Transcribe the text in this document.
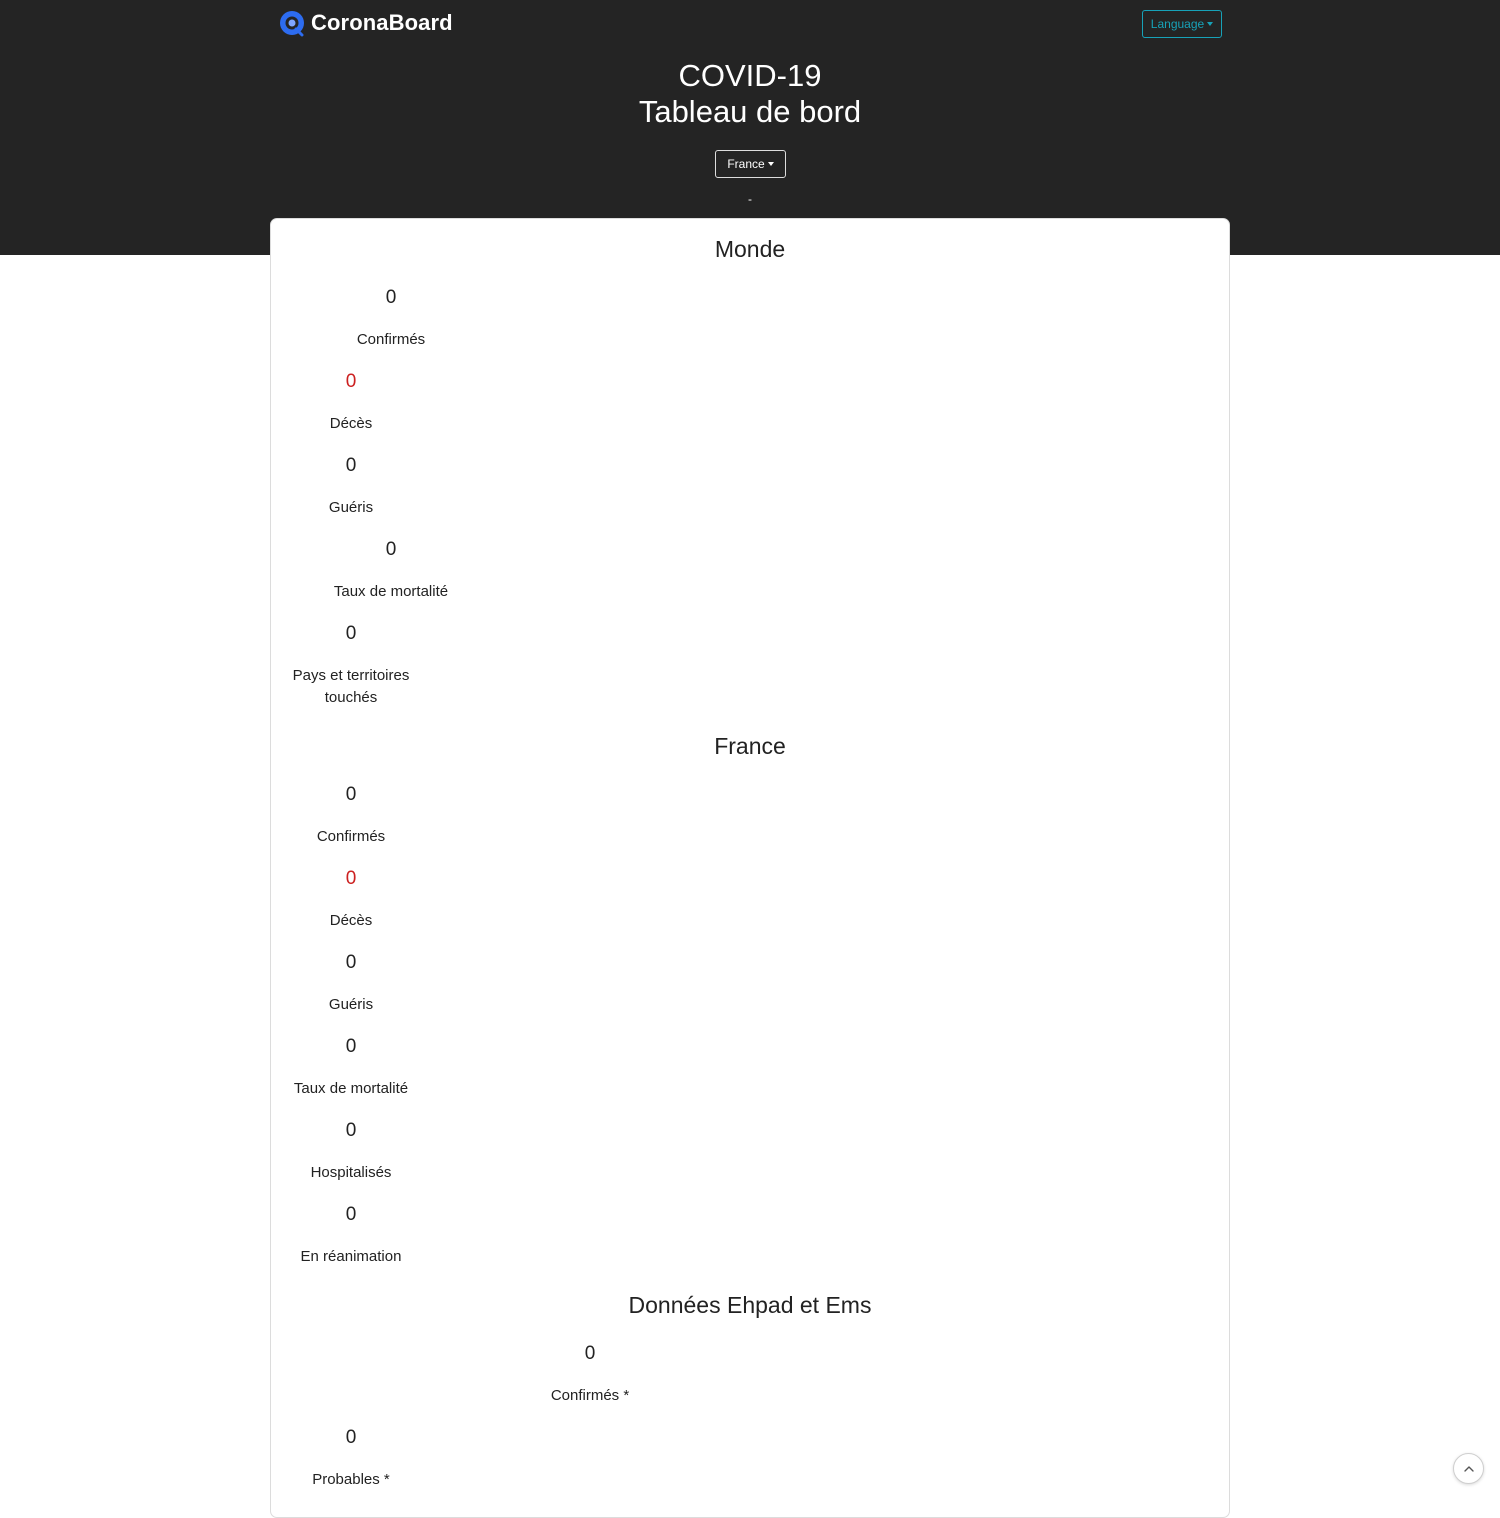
CoronaBoard	Language
COVID-19
Tableau de bord
France
-
Monde
0
Confirmés
0
Décès
0
Guéris
0
Taux de mortalité
0
Pays et territoires touchés
France
0
Confirmés
0
Décès
0
Guéris
0
Taux de mortalité
0
Hospitalisés
0
En réanimation
Données Ehpad et Ems
0
Confirmés *
0
Probables *
